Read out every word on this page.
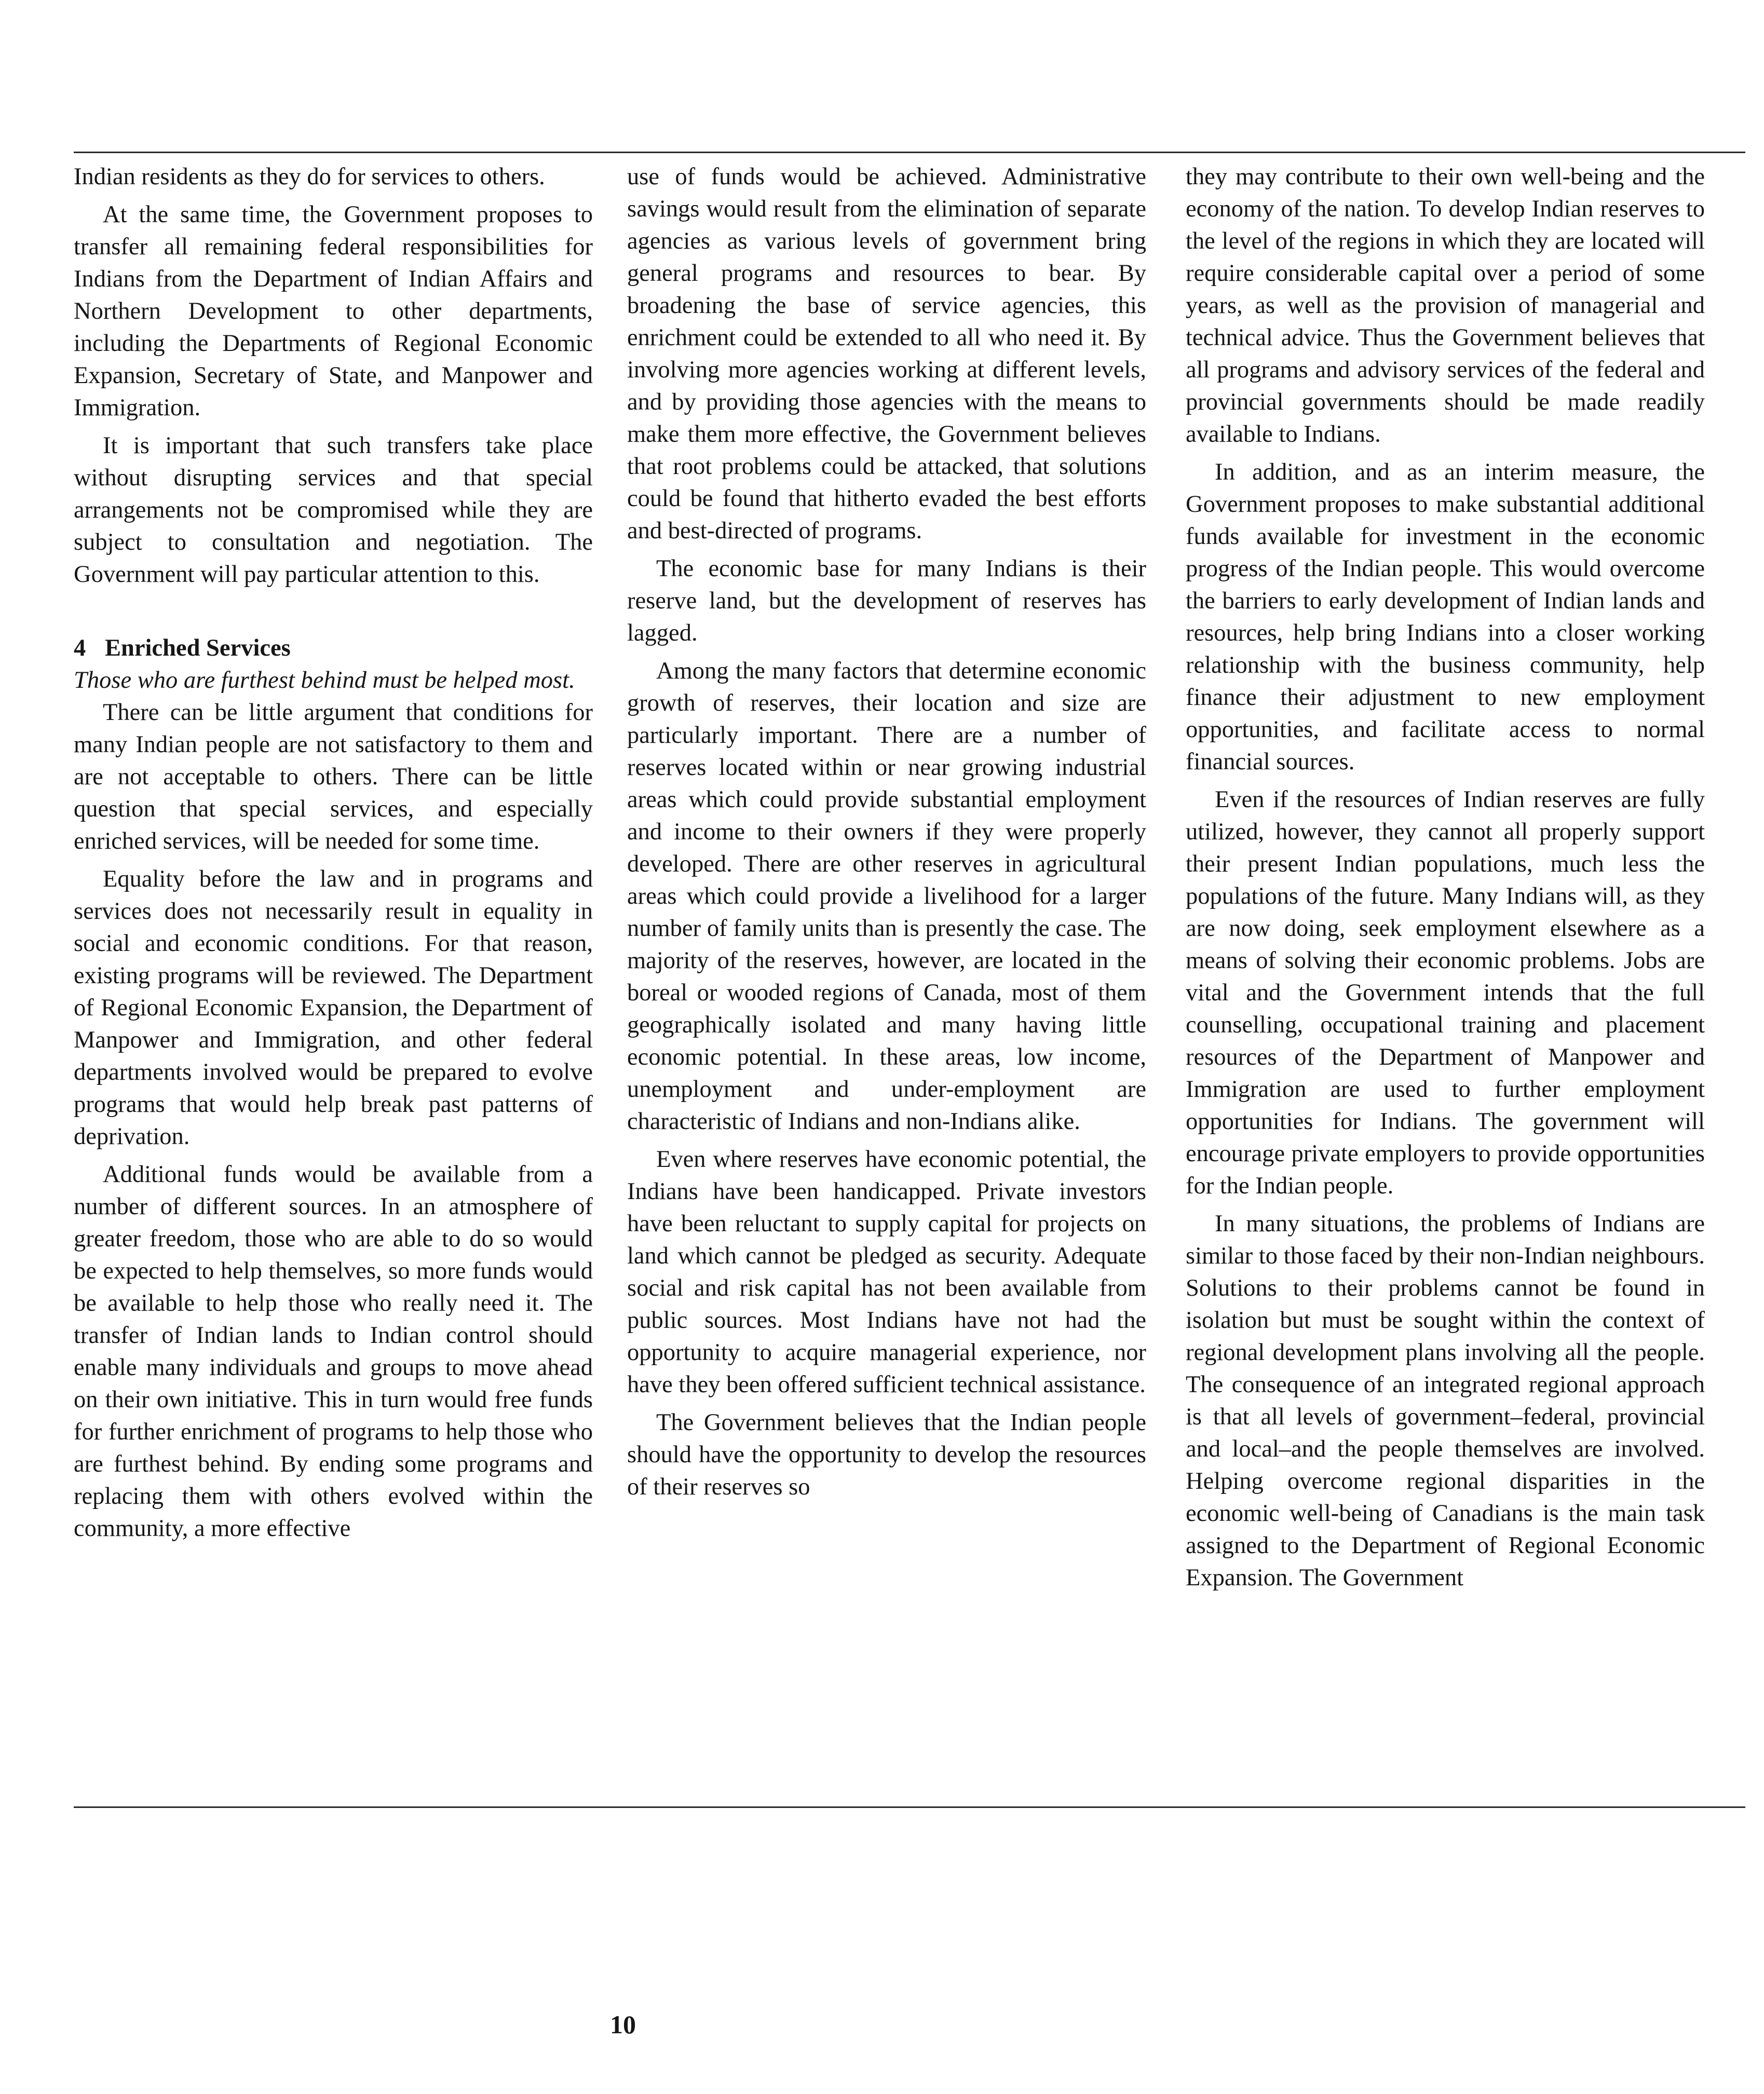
Indian residents as they do for services to others.

At the same time, the Government proposes to transfer all remaining federal responsibilities for Indians from the Department of Indian Affairs and Northern Development to other departments, including the Departments of Regional Economic Expansion, Secretary of State, and Manpower and Immigration.

It is important that such transfers take place without disrupting services and that special arrangements not be compromised while they are subject to consultation and negotiation. The Government will pay particular attention to this.

4 Enriched Services
Those who are furthest behind must be helped most.

There can be little argument that conditions for many Indian people are not satisfactory to them and are not acceptable to others. There can be little question that special services, and especially enriched services, will be needed for some time.

Equality before the law and in programs and services does not necessarily result in equality in social and economic conditions. For that reason, existing programs will be reviewed. The Department of Regional Economic Expansion, the Department of Manpower and Immigration, and other federal departments involved would be prepared to evolve programs that would help break past patterns of deprivation.

Additional funds would be available from a number of different sources. In an atmosphere of greater freedom, those who are able to do so would be expected to help themselves, so more funds would be available to help those who really need it. The transfer of Indian lands to Indian control should enable many individuals and groups to move ahead on their own initiative. This in turn would free funds for further enrichment of programs to help those who are furthest behind. By ending some programs and replacing them with others evolved within the community, a more effective

use of funds would be achieved. Administrative savings would result from the elimination of separate agencies as various levels of government bring general programs and resources to bear. By broadening the base of service agencies, this enrichment could be extended to all who need it. By involving more agencies working at different levels, and by providing those agencies with the means to make them more effective, the Government believes that root problems could be attacked, that solutions could be found that hitherto evaded the best efforts and best-directed of programs.

The economic base for many Indians is their reserve land, but the development of reserves has lagged.

Among the many factors that determine economic growth of reserves, their location and size are particularly important. There are a number of reserves located within or near growing industrial areas which could provide substantial employment and income to their owners if they were properly developed. There are other reserves in agricultural areas which could provide a livelihood for a larger number of family units than is presently the case. The majority of the reserves, however, are located in the boreal or wooded regions of Canada, most of them geographically isolated and many having little economic potential. In these areas, low income, unemployment and under-employment are characteristic of Indians and non-Indians alike.

Even where reserves have economic potential, the Indians have been handicapped. Private investors have been reluctant to supply capital for projects on land which cannot be pledged as security. Adequate social and risk capital has not been available from public sources. Most Indians have not had the opportunity to acquire managerial experience, nor have they been offered sufficient technical assistance.

The Government believes that the Indian people should have the opportunity to develop the resources of their reserves so

they may contribute to their own well-being and the economy of the nation. To develop Indian reserves to the level of the regions in which they are located will require considerable capital over a period of some years, as well as the provision of managerial and technical advice. Thus the Government believes that all programs and advisory services of the federal and provincial governments should be made readily available to Indians.

In addition, and as an interim measure, the Government proposes to make substantial additional funds available for investment in the economic progress of the Indian people. This would overcome the barriers to early development of Indian lands and resources, help bring Indians into a closer working relationship with the business community, help finance their adjustment to new employment opportunities, and facilitate access to normal financial sources.

Even if the resources of Indian reserves are fully utilized, however, they cannot all properly support their present Indian populations, much less the populations of the future. Many Indians will, as they are now doing, seek employment elsewhere as a means of solving their economic problems. Jobs are vital and the Government intends that the full counselling, occupational training and placement resources of the Department of Manpower and Immigration are used to further employment opportunities for Indians. The government will encourage private employers to provide opportunities for the Indian people.

In many situations, the problems of Indians are similar to those faced by their non-Indian neighbours. Solutions to their problems cannot be found in isolation but must be sought within the context of regional development plans involving all the people. The consequence of an integrated regional approach is that all levels of government–federal, provincial and local–and the people themselves are involved. Helping overcome regional disparities in the economic well-being of Canadians is the main task assigned to the Department of Regional Economic Expansion. The Government

10
